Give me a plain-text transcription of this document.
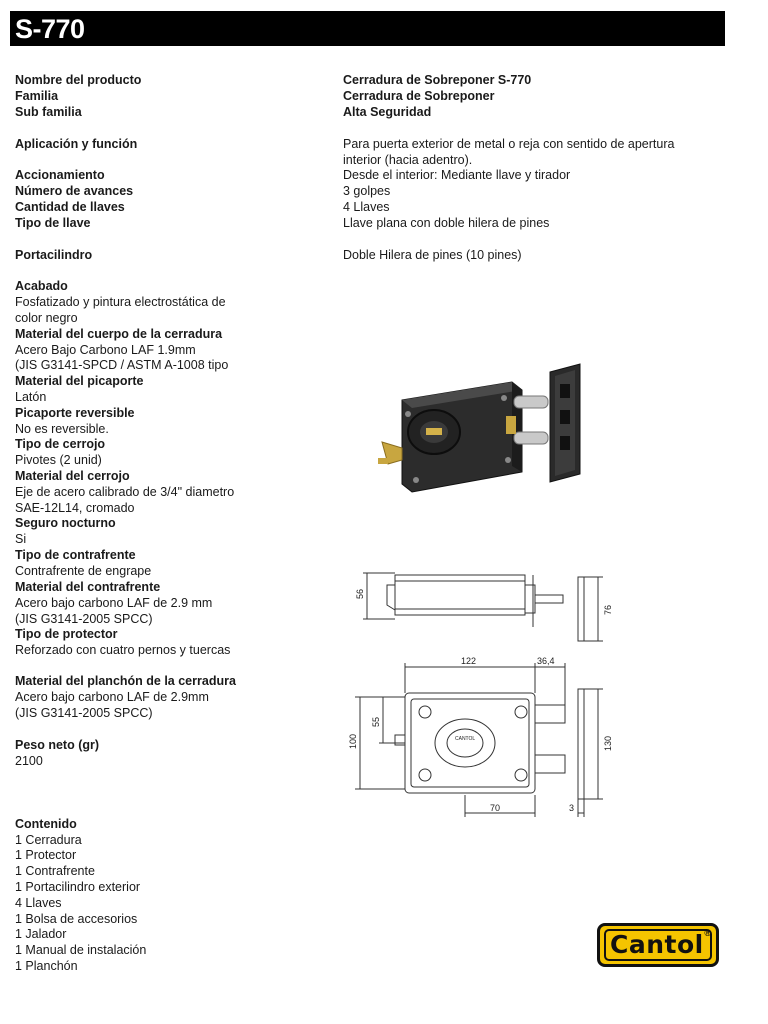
S-770
Nombre del producto	Cerradura de Sobreponer S-770
Familia	Cerradura de Sobreponer
Sub familia	Alta Seguridad
Aplicación y función	Para puerta exterior de metal o reja con sentido de apertura
interior (hacia adentro).
Accionamiento	Desde el interior: Mediante llave y tirador
Número de avances	3 golpes
Cantidad de llaves	4 Llaves
Tipo de llave	Llave plana con doble hilera de pines
Portacilindro	Doble Hilera de pines (10 pines)
Acabado
Fosfatizado y pintura electrostática de
color negro
Material del cuerpo de la cerradura
Acero Bajo Carbono LAF 1.9mm
(JIS G3141-SPCD / ASTM A-1008 tipo
Material del picaporte
Latón
Picaporte reversible
No es reversible.
Tipo de cerrojo
Pivotes (2 unid)
Material del cerrojo
Eje de acero calibrado de 3/4" diametro
SAE-12L14, cromado
Seguro nocturno
Si
Tipo de contrafrente
Contrafrente de engrape
Material del contrafrente
Acero bajo carbono LAF de 2.9 mm
(JIS G3141-2005 SPCC)
Tipo de protector
Reforzado con cuatro pernos y tuercas
Material del planchón de la cerradura
Acero bajo carbono LAF de 2.9mm
(JIS G3141-2005 SPCC)
Peso neto (gr)
2100
Contenido
1 Cerradura
1 Protector
1 Contrafrente
1 Portacilindro exterior
4 Llaves
1 Bolsa de accesorios
1 Jalador
1 Manual de instalación
1 Planchón
56
76
122	36,4
55
100	130
70	3
CANTOL
Cantol ®
